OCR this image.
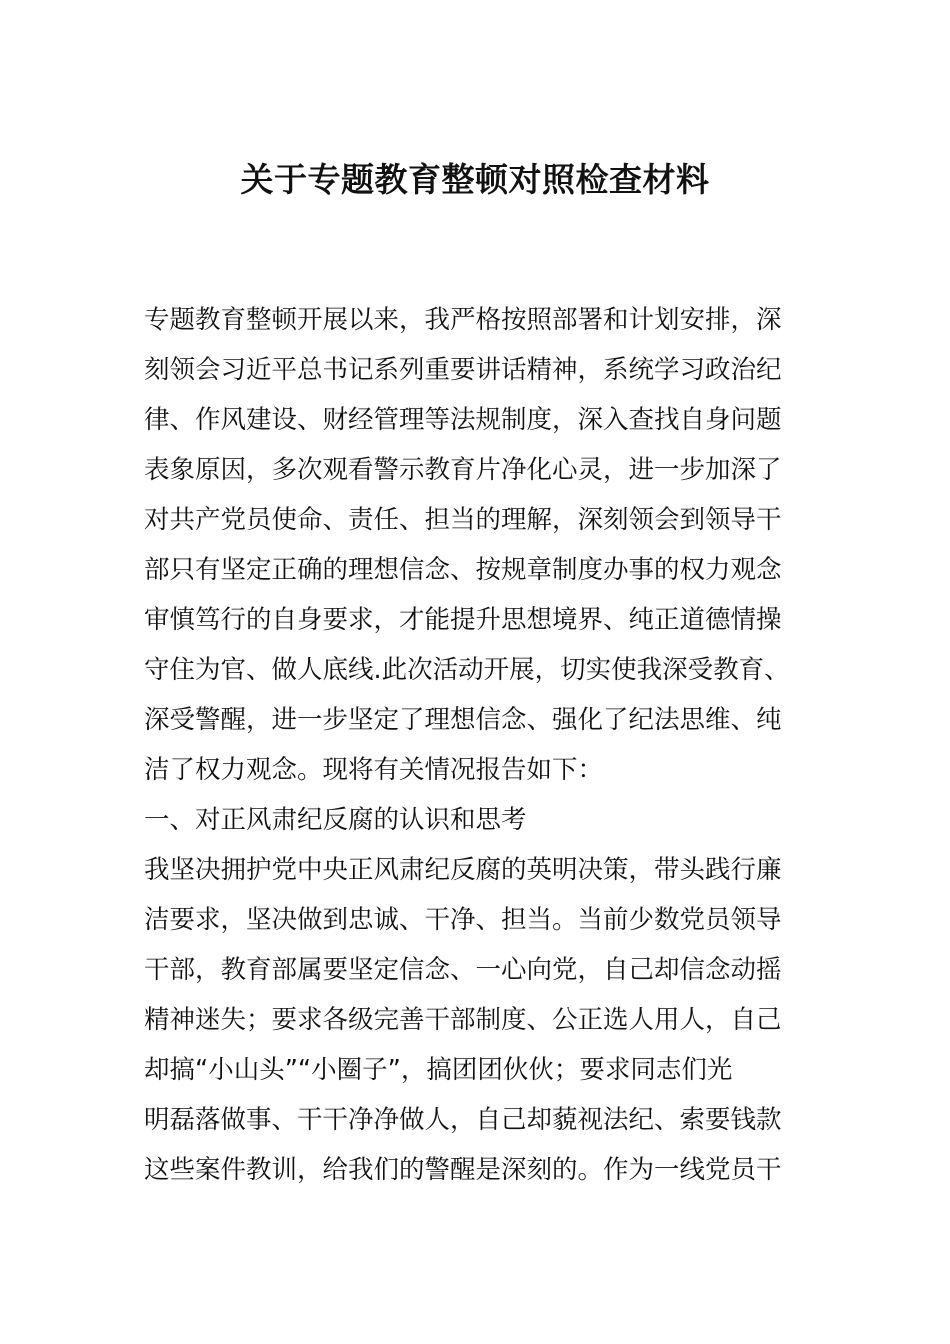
关于专题教育整顿对照检查材料
专题教育整顿开展以来，我严格按照部署和计划安排，深
刻领会习近平总书记系列重要讲话精神，系统学习政治纪
律、作风建设、财经管理等法规制度，深入查找自身问题
表象原因，多次观看警示教育片净化心灵，进一步加深了
对共产党员使命、责任、担当的理解，深刻领会到领导干
部只有坚定正确的理想信念、按规章制度办事的权力观念
审慎笃行的自身要求，才能提升思想境界、纯正道德情操
守住为官、做人底线.此次活动开展，切实使我深受教育、
深受警醒，进一步坚定了理想信念、强化了纪法思维、纯
洁了权力观念。现将有关情况报告如下：
一、对正风肃纪反腐的认识和思考
我坚决拥护党中央正风肃纪反腐的英明决策，带头践行廉
洁要求，坚决做到忠诚、干净、担当。当前少数党员领导
干部，教育部属要坚定信念、一心向党，自己却信念动摇
精神迷失；要求各级完善干部制度、公正选人用人，自己
却搞“小山头”“小圈子”，搞团团伙伙；要求同志们光
明磊落做事、干干净净做人，自己却藐视法纪、索要钱款
这些案件教训，给我们的警醒是深刻的。作为一线党员干
